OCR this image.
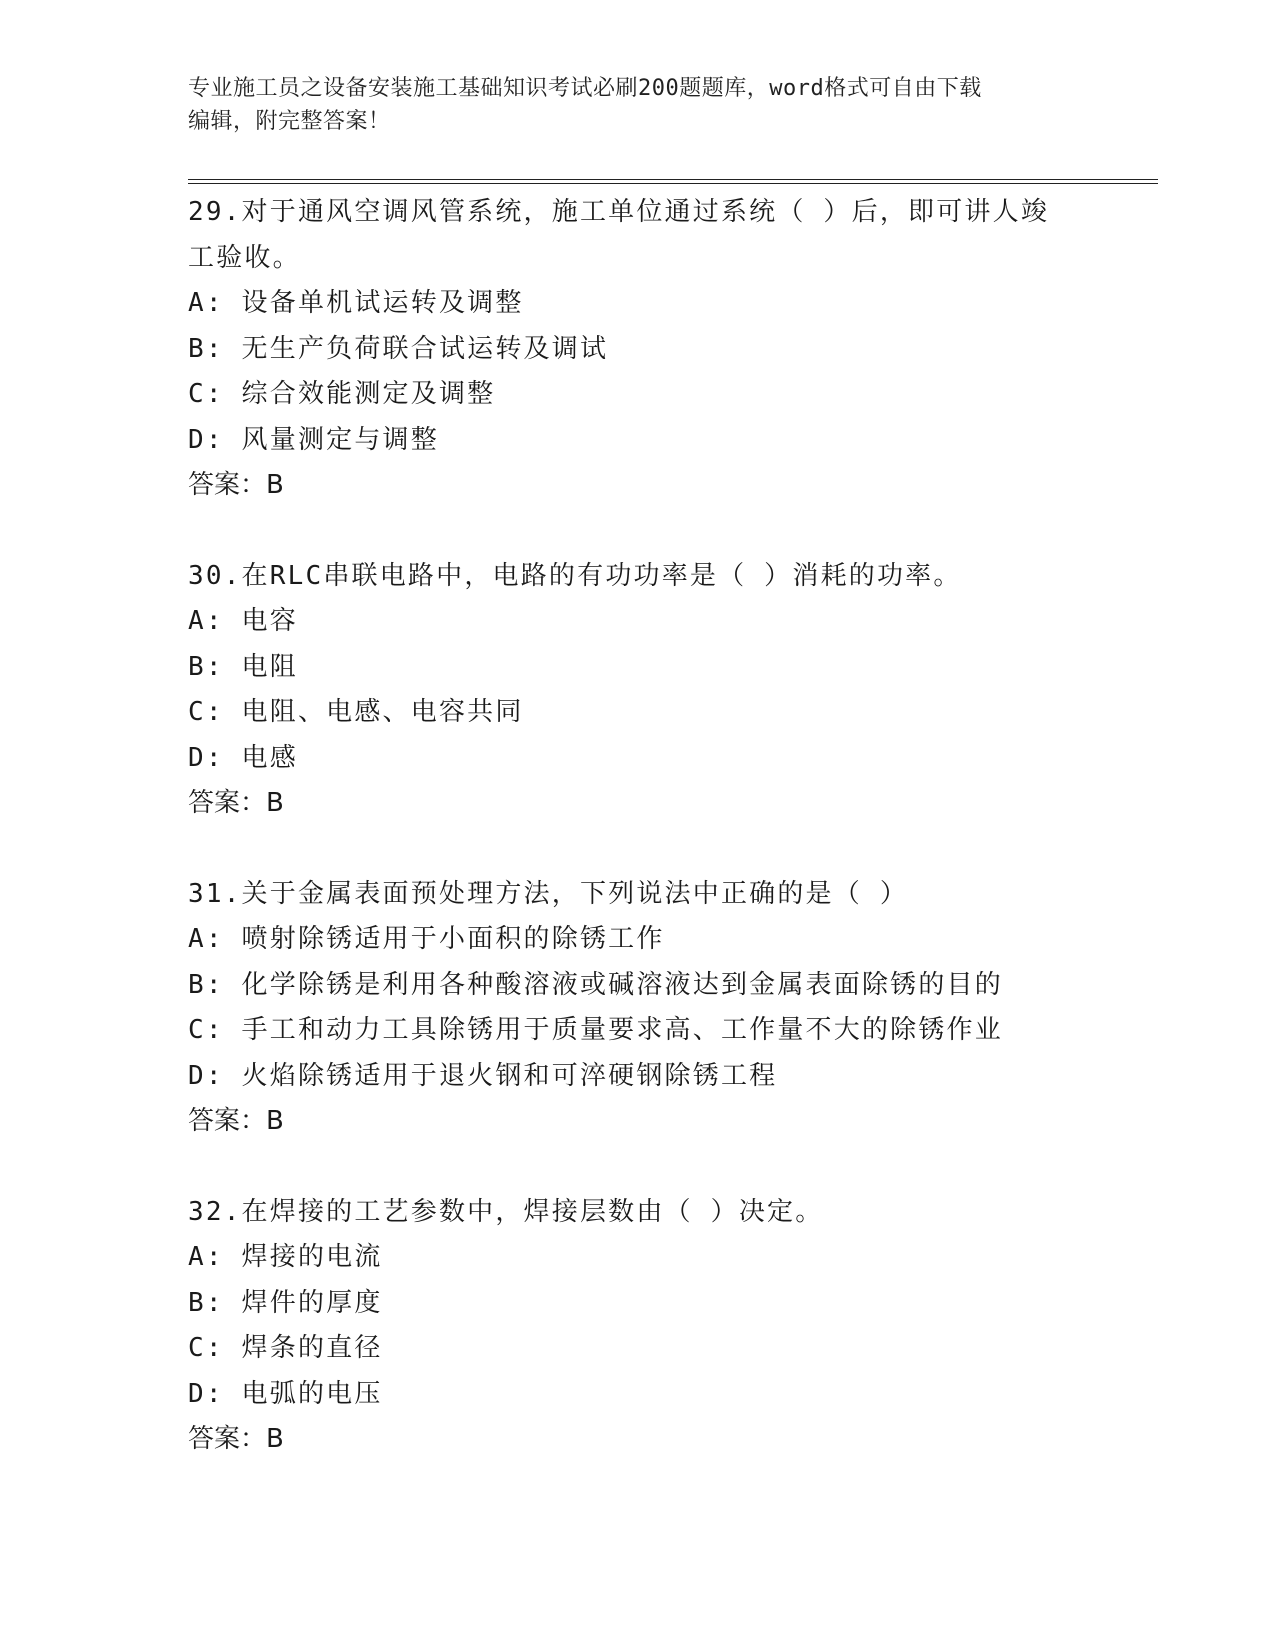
专业施工员之设备安装施工基础知识考试必刷200题题库，word格式可自由下载
编辑，附完整答案！
29.对于通风空调风管系统，施工单位通过系统（ ）后，即可讲人竣
工验收。
A: 设备单机试运转及调整
B: 无生产负荷联合试运转及调试
C: 综合效能测定及调整
D: 风量测定与调整
答案：B
30.在RLC串联电路中，电路的有功功率是（ ）消耗的功率。
A: 电容
B: 电阻
C: 电阻、电感、电容共同
D: 电感
答案：B
31.关于金属表面预处理方法，下列说法中正确的是（ ）
A: 喷射除锈适用于小面积的除锈工作
B: 化学除锈是利用各种酸溶液或碱溶液达到金属表面除锈的目的
C: 手工和动力工具除锈用于质量要求高、工作量不大的除锈作业
D: 火焰除锈适用于退火钢和可淬硬钢除锈工程
答案：B
32.在焊接的工艺参数中，焊接层数由（ ）决定。
A: 焊接的电流
B: 焊件的厚度
C: 焊条的直径
D: 电弧的电压
答案：B
